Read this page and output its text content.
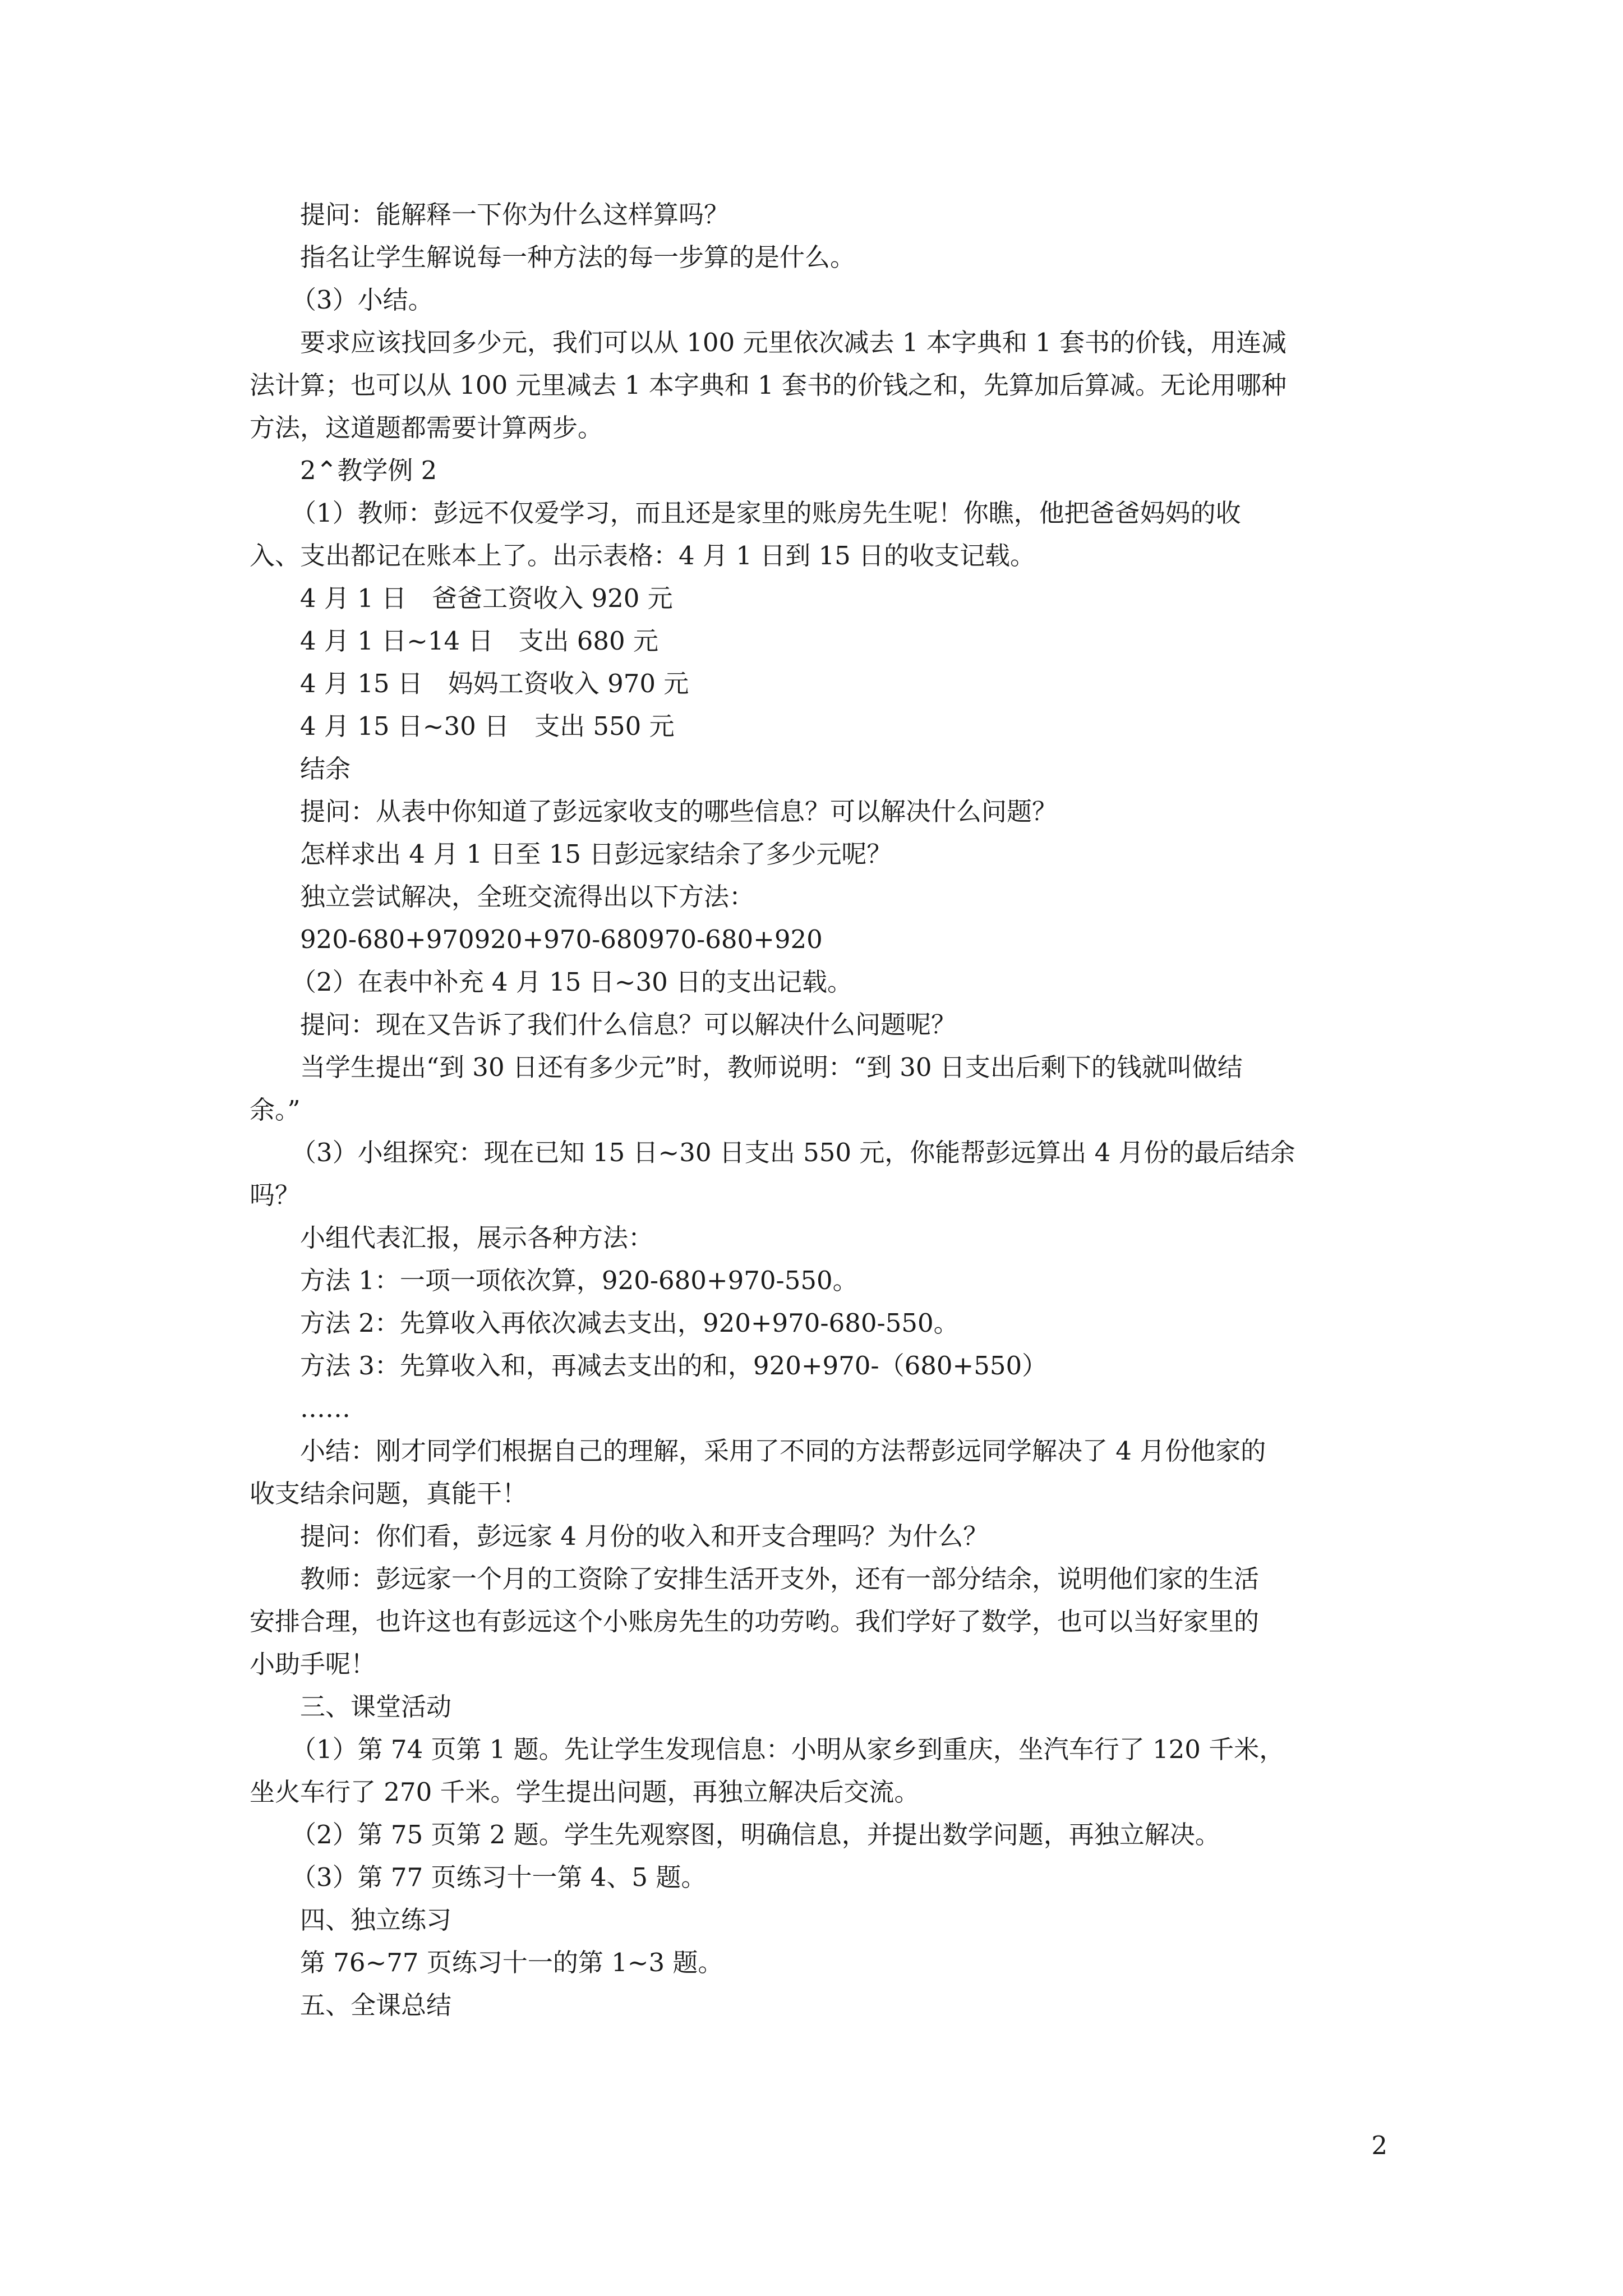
提问：能解释一下你为什么这样算吗？
指名让学生解说每一种方法的每一步算的是什么。
（3）小结。
要求应该找回多少元，我们可以从 100 元里依次减去 1 本字典和 1 套书的价钱，用连减
法计算；也可以从 100 元里减去 1 本字典和 1 套书的价钱之和，先算加后算减。无论用哪种
方法，这道题都需要计算两步。
2⌃教学例 2
（1）教师：彭远不仅爱学习，而且还是家里的账房先生呢！你瞧，他把爸爸妈妈的收
入、支出都记在账本上了。出示表格：4 月 1 日到 15 日的收支记载。
4 月 1 日　爸爸工资收入 920 元
4 月 1 日~14 日　支出 680 元
4 月 15 日　妈妈工资收入 970 元
4 月 15 日~30 日　支出 550 元
结余
提问：从表中你知道了彭远家收支的哪些信息？可以解决什么问题？
怎样求出 4 月 1 日至 15 日彭远家结余了多少元呢？
独立尝试解决，全班交流得出以下方法：
920-680+970920+970-680970-680+920
（2）在表中补充 4 月 15 日~30 日的支出记载。
提问：现在又告诉了我们什么信息？可以解决什么问题呢？
当学生提出“到 30 日还有多少元”时，教师说明：“到 30 日支出后剩下的钱就叫做结
余。”
（3）小组探究：现在已知 15 日~30 日支出 550 元，你能帮彭远算出 4 月份的最后结余
吗？
小组代表汇报，展示各种方法：
方法 1：一项一项依次算，920-680+970-550。
方法 2：先算收入再依次减去支出，920+970-680-550。
方法 3：先算收入和，再减去支出的和，920+970-（680+550）
……
小结：刚才同学们根据自己的理解，采用了不同的方法帮彭远同学解决了 4 月份他家的
收支结余问题，真能干！
提问：你们看，彭远家 4 月份的收入和开支合理吗？为什么？
教师：彭远家一个月的工资除了安排生活开支外，还有一部分结余，说明他们家的生活
安排合理，也许这也有彭远这个小账房先生的功劳哟。我们学好了数学，也可以当好家里的
小助手呢！
三、课堂活动
（1）第 74 页第 1 题。先让学生发现信息：小明从家乡到重庆，坐汽车行了 120 千米，
坐火车行了 270 千米。学生提出问题，再独立解决后交流。
（2）第 75 页第 2 题。学生先观察图，明确信息，并提出数学问题，再独立解决。
（3）第 77 页练习十一第 4、5 题。
四、独立练习
第 76~77 页练习十一的第 1~3 题。
五、全课总结
2
